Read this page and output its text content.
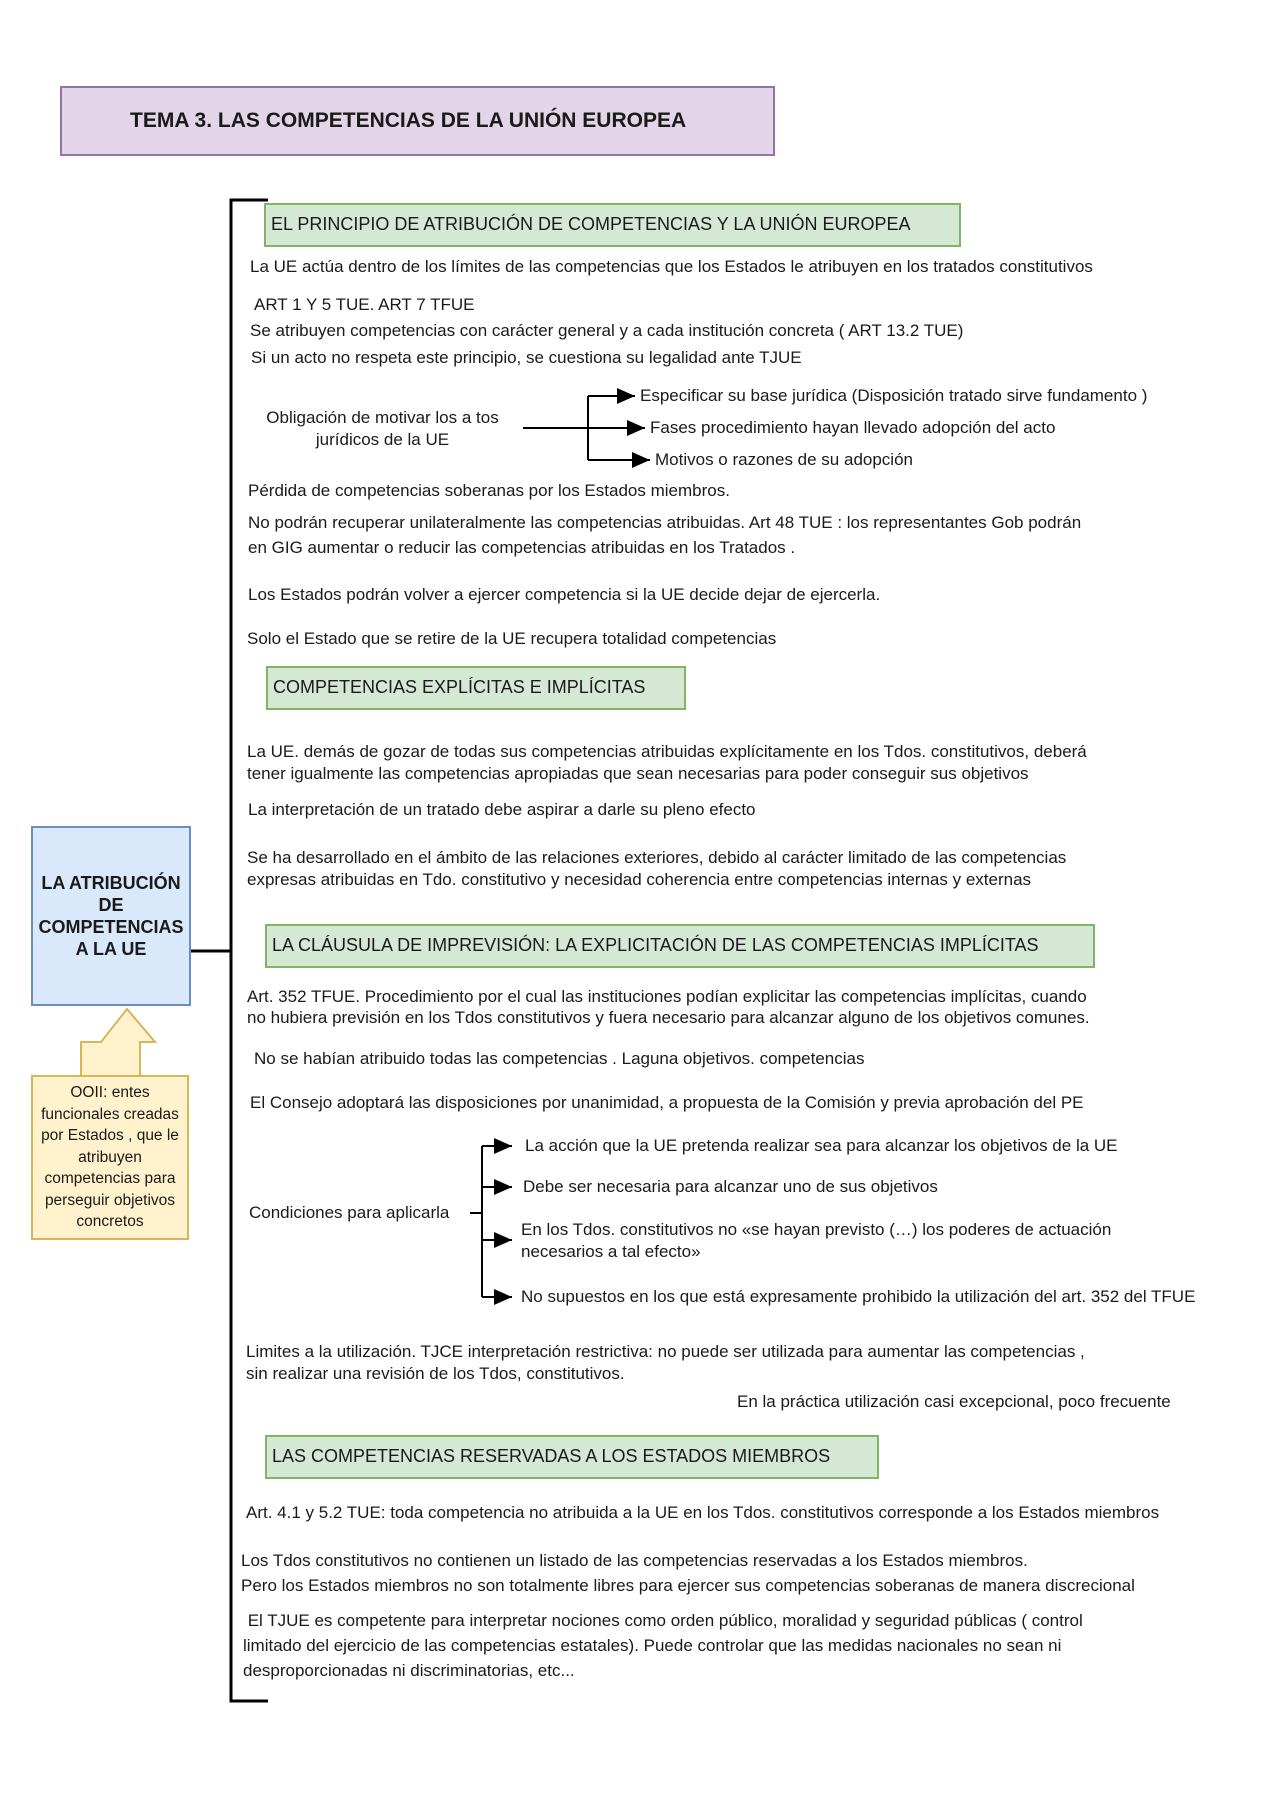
TEMA 3. LAS COMPETENCIAS DE LA UNIÓN EUROPEA
LA ATRIBUCIÓN DE COMPETENCIAS A LA UE
OOII: entes funcionales creadas por Estados , que le atribuyen competencias para perseguir objetivos concretos
EL PRINCIPIO DE ATRIBUCIÓN DE COMPETENCIAS Y LA UNIÓN EUROPEA
La UE actúa dentro de los límites de las competencias que los Estados le atribuyen en los tratados constitutivos
ART 1 Y 5 TUE. ART 7 TFUE
Se atribuyen competencias con carácter general y a cada institución concreta ( ART 13.2 TUE)
Si un acto no respeta este principio, se cuestiona su legalidad ante TJUE
Obligación de motivar los a tos jurídicos de la UE
Especificar su base jurídica (Disposición tratado sirve fundamento )
Fases procedimiento hayan llevado adopción del acto
Motivos o razones de su adopción
Pérdida de competencias soberanas por los Estados miembros.
No podrán recuperar unilateralmente las competencias atribuidas. Art 48 TUE : los representantes Gob podrán
en GIG aumentar o reducir las competencias atribuidas en los Tratados .
Los Estados podrán volver a ejercer competencia si la UE decide dejar de ejercerla.
Solo el Estado que se retire de la UE recupera totalidad competencias
COMPETENCIAS EXPLÍCITAS E IMPLÍCITAS
La UE. demás de gozar de todas sus competencias atribuidas explícitamente en los Tdos. constitutivos, deberá
tener igualmente las competencias apropiadas que sean necesarias para poder conseguir sus objetivos
La interpretación de un tratado debe aspirar a darle su pleno efecto
Se ha desarrollado en el ámbito de las relaciones exteriores, debido al carácter limitado de las competencias
expresas atribuidas en Tdo. constitutivo y necesidad coherencia entre competencias internas y externas
LA CLÁUSULA DE IMPREVISIÓN: LA EXPLICITACIÓN DE LAS COMPETENCIAS IMPLÍCITAS
Art. 352 TFUE. Procedimiento por el cual las instituciones podían explicitar las competencias implícitas, cuando
no hubiera previsión en los Tdos constitutivos y fuera necesario para alcanzar alguno de los objetivos comunes.
No se habían atribuido todas las competencias . Laguna objetivos. competencias
El Consejo adoptará las disposiciones por unanimidad, a propuesta de la Comisión y previa aprobación del PE
Condiciones para aplicarla
La acción que la UE pretenda realizar sea para alcanzar los objetivos de la UE
Debe ser necesaria para alcanzar uno de sus objetivos
En los Tdos. constitutivos no «se hayan previsto (…) los poderes de actuación
necesarios a tal efecto»
No supuestos en los que está expresamente prohibido la utilización del art. 352 del TFUE
Limites a la utilización. TJCE interpretación restrictiva: no puede ser utilizada para aumentar las competencias ,
sin realizar una revisión de los Tdos, constitutivos.
En la práctica utilización casi excepcional, poco frecuente
LAS COMPETENCIAS RESERVADAS A LOS ESTADOS MIEMBROS
Art. 4.1 y 5.2 TUE: toda competencia no atribuida a la UE en los Tdos. constitutivos corresponde a los Estados miembros
Los Tdos constitutivos no contienen un listado de las competencias reservadas a los Estados miembros.
Pero los Estados miembros no son totalmente libres para ejercer sus competencias soberanas de manera discrecional
El TJUE es competente para interpretar nociones como orden público, moralidad y seguridad públicas ( control
limitado del ejercicio de las competencias estatales). Puede controlar que las medidas nacionales no sean ni
desproporcionadas ni discriminatorias, etc...
